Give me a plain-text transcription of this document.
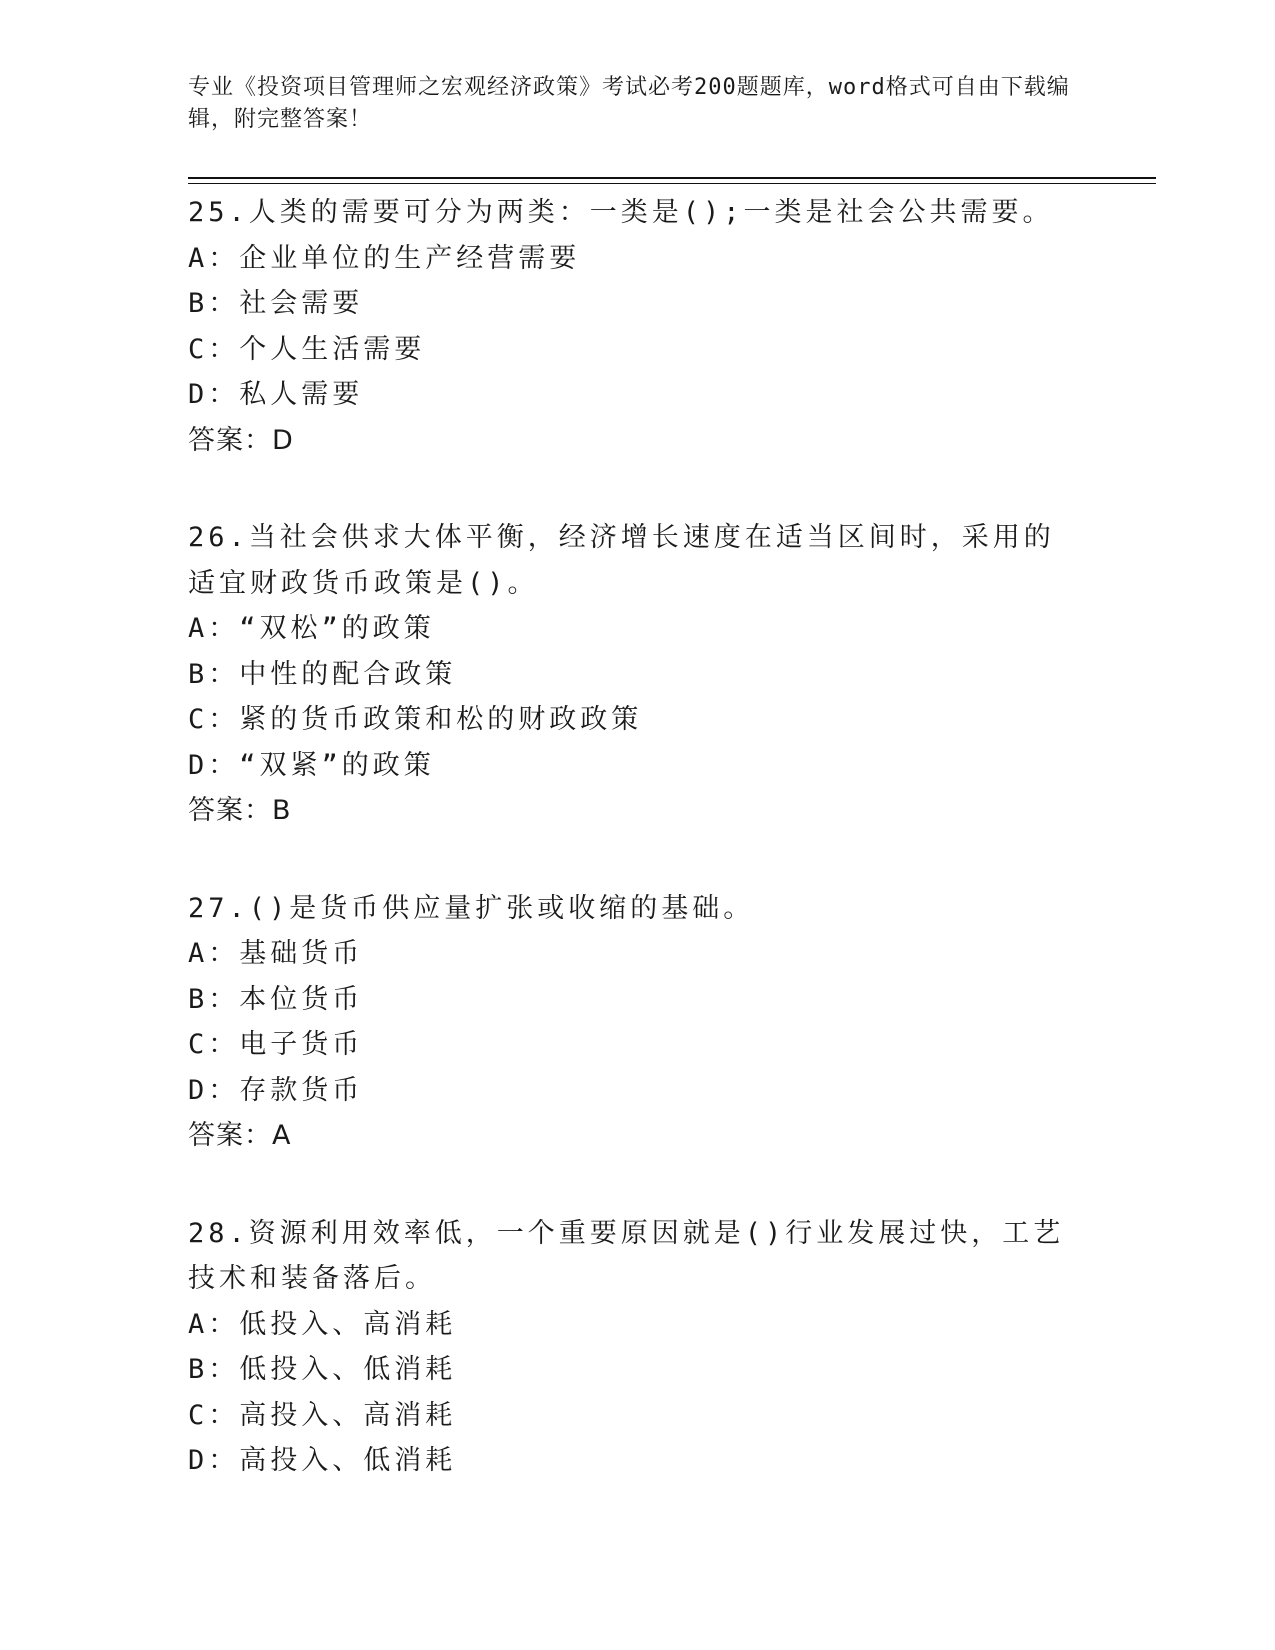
专业《投资项目管理师之宏观经济政策》考试必考200题题库，word格式可自由下载编辑，附完整答案！

25.人类的需要可分为两类：一类是();一类是社会公共需要。

A：企业单位的生产经营需要

B：社会需要

C：个人生活需要

D：私人需要

答案：D

26.当社会供求大体平衡，经济增长速度在适当区间时，采用的适宜财政货币政策是()。

A：“双松”的政策

B：中性的配合政策

C：紧的货币政策和松的财政政策

D：“双紧”的政策

答案：B

27.()是货币供应量扩张或收缩的基础。

A：基础货币

B：本位货币

C：电子货币

D：存款货币

答案：A

28.资源利用效率低，一个重要原因就是()行业发展过快，工艺技术和装备落后。

A：低投入、高消耗

B：低投入、低消耗

C：高投入、高消耗

D：高投入、低消耗
